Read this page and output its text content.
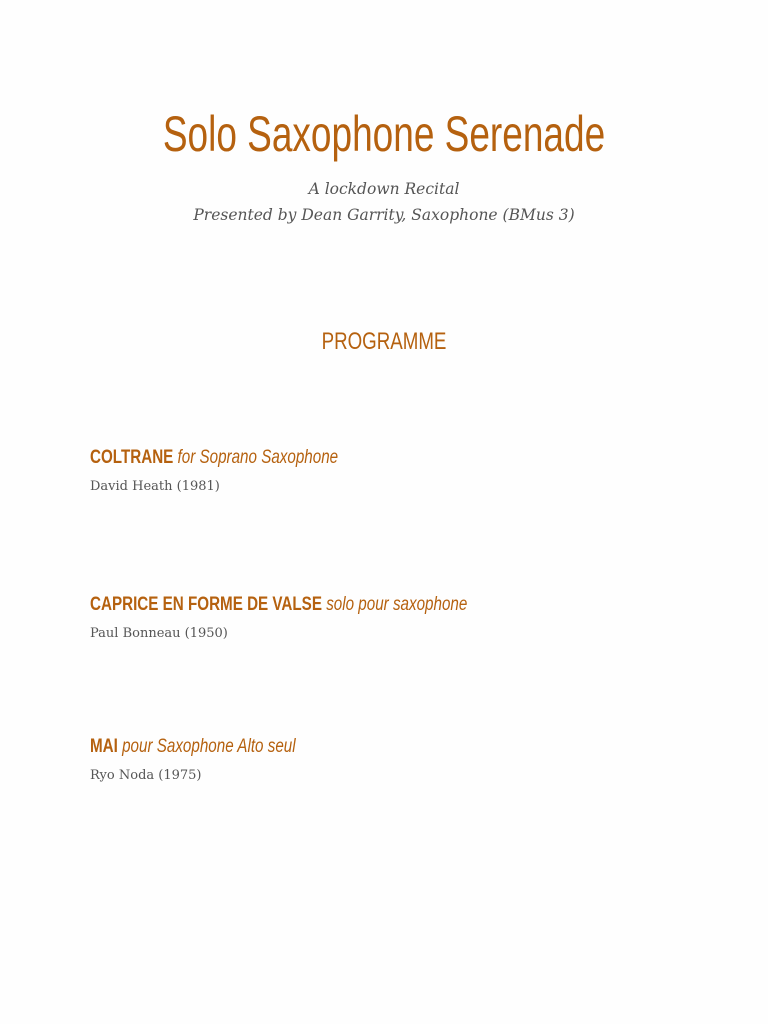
Solo Saxophone Serenade
A lockdown Recital
Presented by Dean Garrity, Saxophone (BMus 3)
PROGRAMME
COLTRANE for Soprano Saxophone
David Heath (1981)
CAPRICE EN FORME DE VALSE solo pour saxophone
Paul Bonneau (1950)
MAI pour Saxophone Alto seul
Ryo Noda (1975)
